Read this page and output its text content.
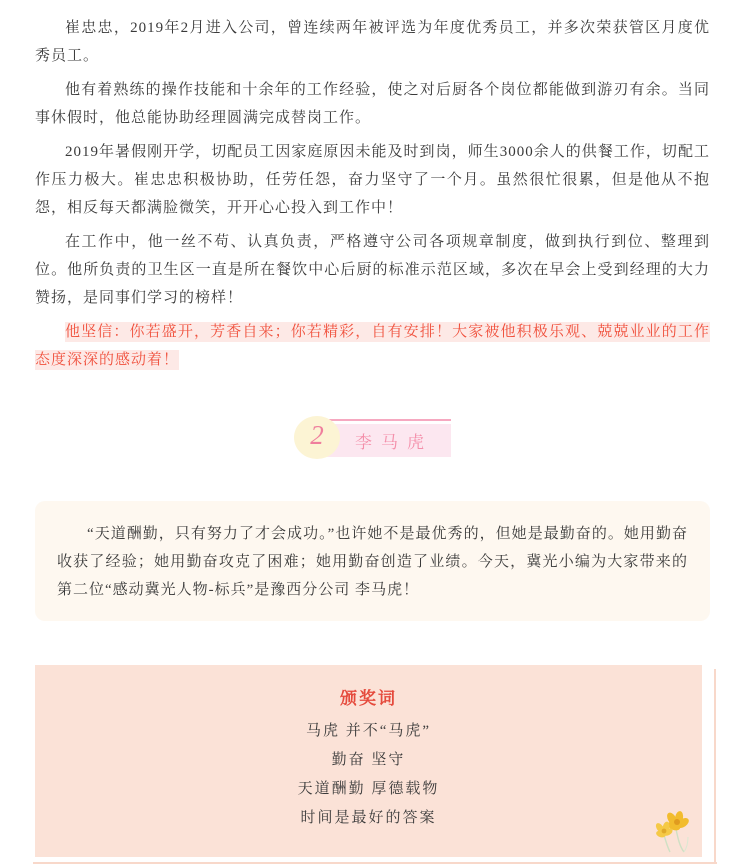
崔忠忠，2019年2月进入公司，曾连续两年被评选为年度优秀员工，并多次荣获管区月度优秀员工。

他有着熟练的操作技能和十余年的工作经验，使之对后厨各个岗位都能做到游刃有余。当同事休假时，他总能协助经理圆满完成替岗工作。

2019年暑假刚开学，切配员工因家庭原因未能及时到岗，师生3000余人的供餐工作，切配工作压力极大。崔忠忠积极协助，任劳任怨，奋力坚守了一个月。虽然很忙很累，但是他从不抱怨，相反每天都满脸微笑，开开心心投入到工作中！

在工作中，他一丝不苟、认真负责，严格遵守公司各项规章制度，做到执行到位、整理到位。他所负责的卫生区一直是所在餐饮中心后厨的标准示范区域，多次在早会上受到经理的大力赞扬，是同事们学习的榜样！

他坚信：你若盛开，芳香自来；你若精彩，自有安排！大家被他积极乐观、兢兢业业的工作态度深深的感动着！

2	李马虎

“天道酬勤，只有努力了才会成功。”也许她不是最优秀的，但她是最勤奋的。她用勤奋收获了经验；她用勤奋攻克了困难；她用勤奋创造了业绩。今天，冀光小编为大家带来的第二位“感动冀光人物-标兵”是豫西分公司 李马虎！

颁奖词
马虎 并不“马虎”
勤奋 坚守
天道酬勤 厚德载物
时间是最好的答案
